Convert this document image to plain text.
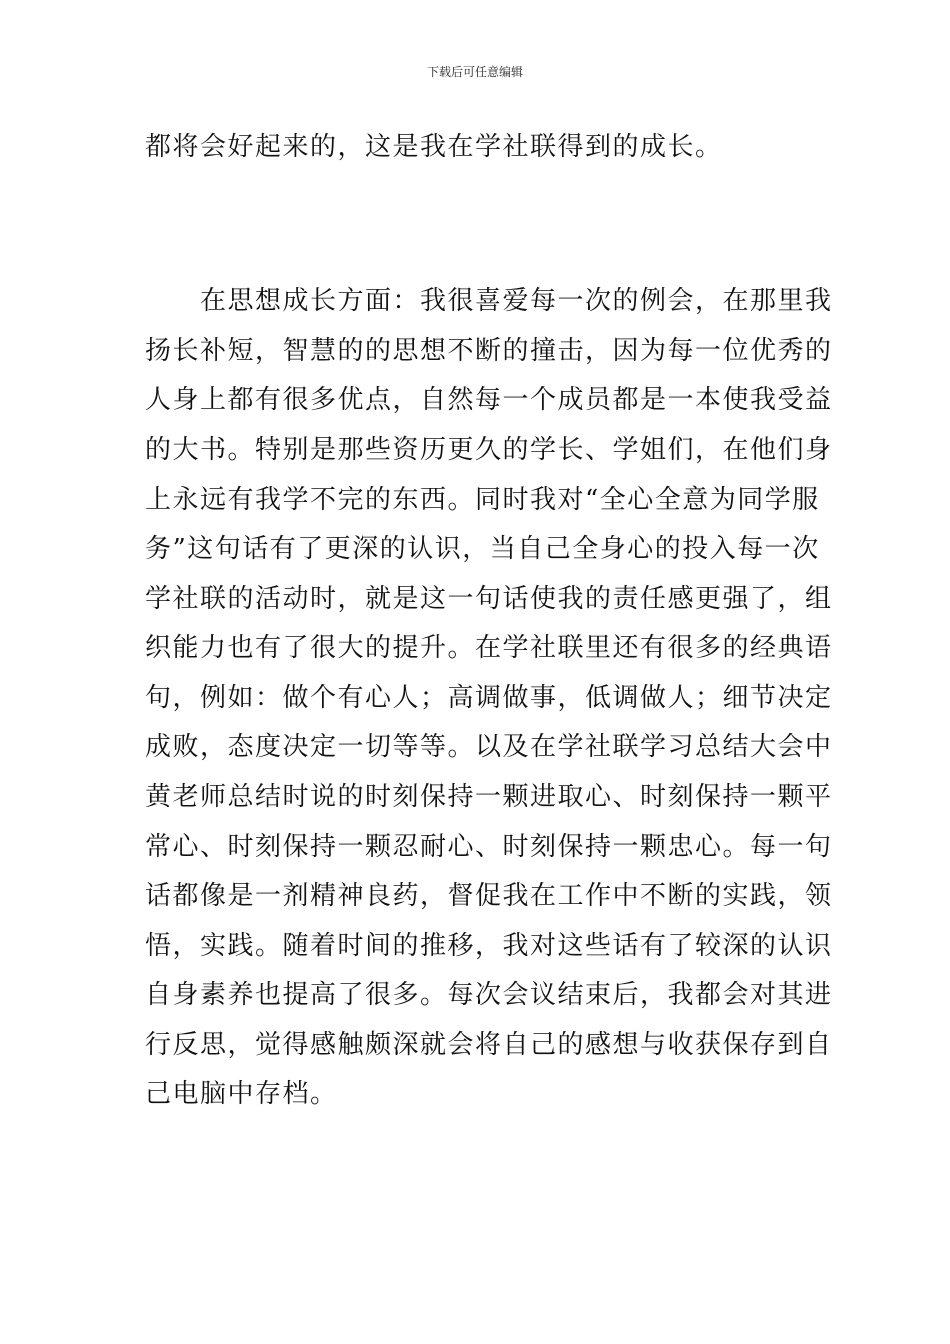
下载后可任意编辑

都将会好起来的，这是我在学社联得到的成长。

　　在思想成长方面：我很喜爱每一次的例会，在那里我

扬长补短，智慧的的思想不断的撞击，因为每一位优秀的

人身上都有很多优点，自然每一个成员都是一本使我受益

的大书。特别是那些资历更久的学长、学姐们，在他们身

上永远有我学不完的东西。同时我对“全心全意为同学服

务”这句话有了更深的认识，当自己全身心的投入每一次

学社联的活动时，就是这一句话使我的责任感更强了，组

织能力也有了很大的提升。在学社联里还有很多的经典语

句，例如：做个有心人；高调做事，低调做人；细节决定

成败，态度决定一切等等。以及在学社联学习总结大会中

黄老师总结时说的时刻保持一颗进取心、时刻保持一颗平

常心、时刻保持一颗忍耐心、时刻保持一颗忠心。每一句

话都像是一剂精神良药，督促我在工作中不断的实践，领

悟，实践。随着时间的推移，我对这些话有了较深的认识

自身素养也提高了很多。每次会议结束后，我都会对其进

行反思，觉得感触颇深就会将自己的感想与收获保存到自

己电脑中存档。
